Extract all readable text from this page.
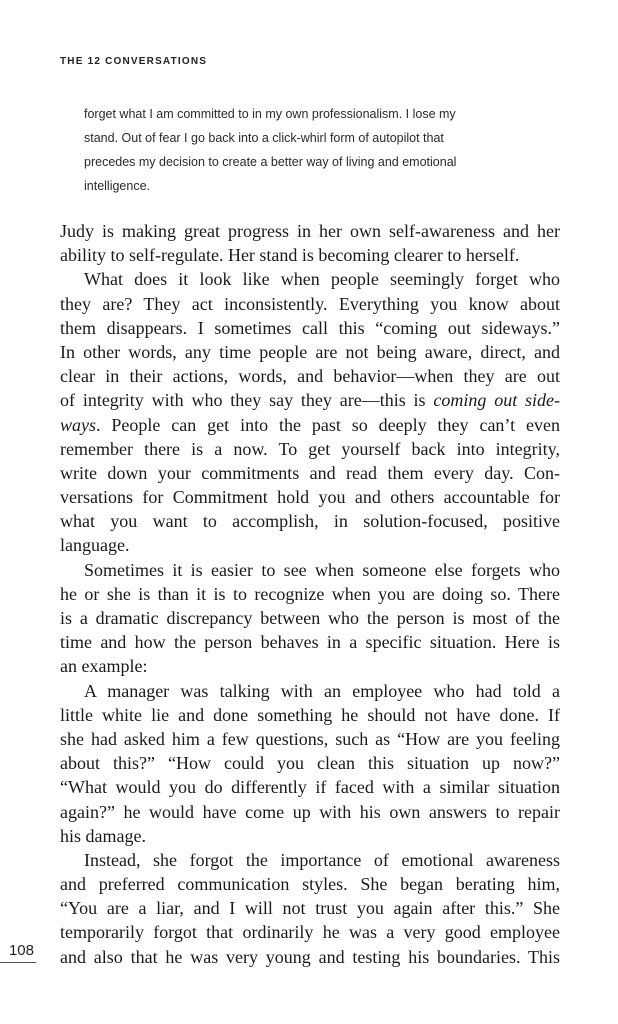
THE 12 CONVERSATIONS
forget what I am committed to in my own professionalism. I lose my
stand. Out of fear I go back into a click-whirl form of autopilot that
precedes my decision to create a better way of living and emotional
intelligence.
Judy is making great progress in her own self-awareness and her
ability to self-regulate. Her stand is becoming clearer to herself.
What does it look like when people seemingly forget who
they are? They act inconsistently. Everything you know about
them disappears. I sometimes call this “coming out sideways.”
In other words, any time people are not being aware, direct, and
clear in their actions, words, and behavior—when they are out
of integrity with who they say they are—this is coming out side-
ways. People can get into the past so deeply they can’t even
remember there is a now. To get yourself back into integrity,
write down your commitments and read them every day. Con-
versations for Commitment hold you and others accountable for
what you want to accomplish, in solution-focused, positive
language.
Sometimes it is easier to see when someone else forgets who
he or she is than it is to recognize when you are doing so. There
is a dramatic discrepancy between who the person is most of the
time and how the person behaves in a specific situation. Here is
an example:
A manager was talking with an employee who had told a
little white lie and done something he should not have done. If
she had asked him a few questions, such as “How are you feeling
about this?” “How could you clean this situation up now?”
“What would you do differently if faced with a similar situation
again?” he would have come up with his own answers to repair
his damage.
Instead, she forgot the importance of emotional awareness
and preferred communication styles. She began berating him,
“You are a liar, and I will not trust you again after this.” She
temporarily forgot that ordinarily he was a very good employee
and also that he was very young and testing his boundaries. This
108
